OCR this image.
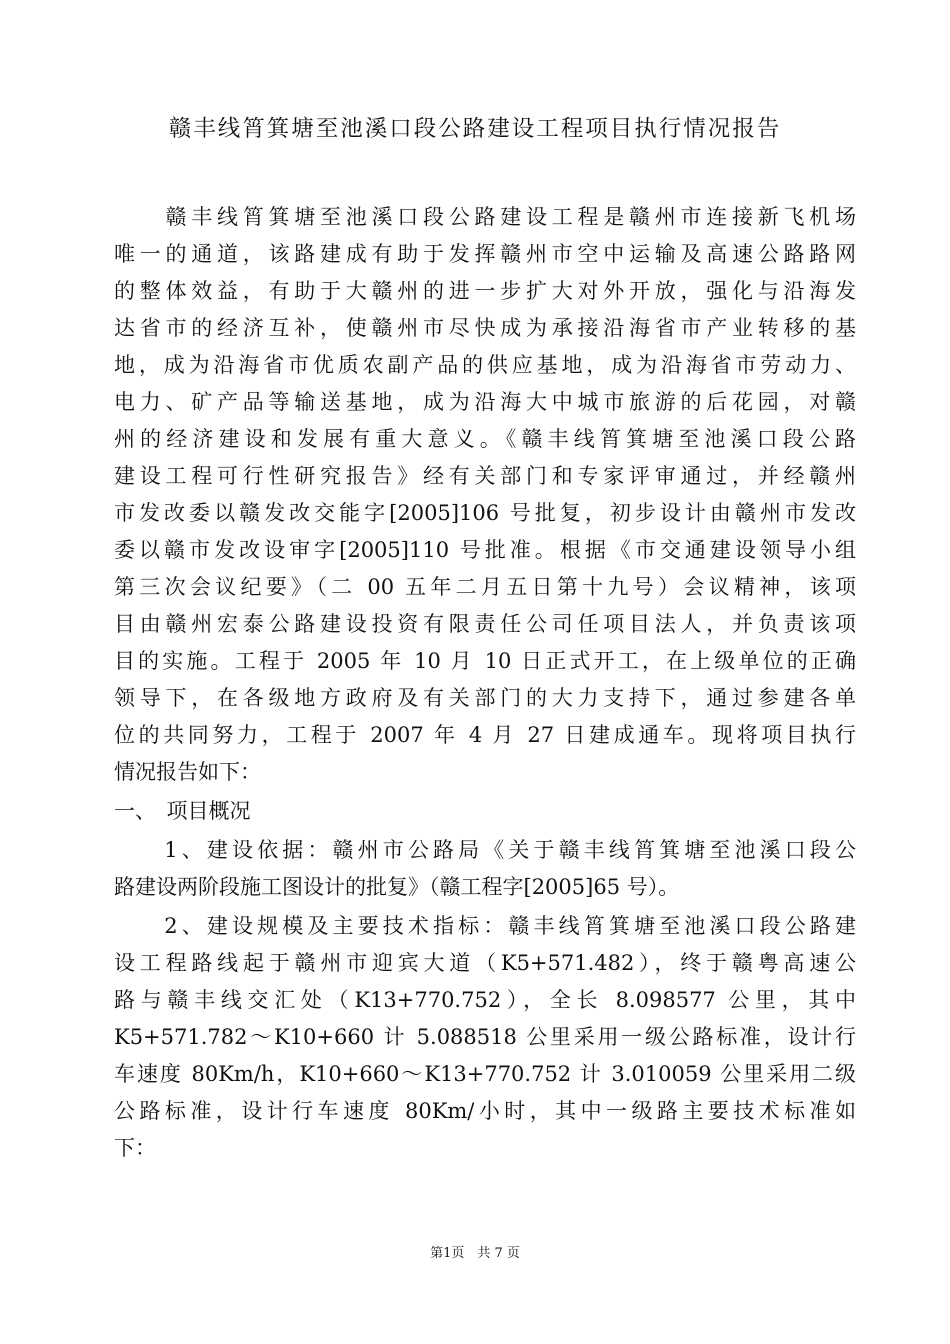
赣丰线筲箕塘至池溪口段公路建设工程项目执行情况报告
　　赣丰线筲箕塘至池溪口段公路建设工程是赣州市连接新飞机场
唯一的通道，该路建成有助于发挥赣州市空中运输及高速公路路网
的整体效益，有助于大赣州的进一步扩大对外开放，强化与沿海发
达省市的经济互补，使赣州市尽快成为承接沿海省市产业转移的基
地，成为沿海省市优质农副产品的供应基地，成为沿海省市劳动力、
电力、矿产品等输送基地，成为沿海大中城市旅游的后花园，对赣
州的经济建设和发展有重大意义。《赣丰线筲箕塘至池溪口段公路
建设工程可行性研究报告》经有关部门和专家评审通过，并经赣州
市发改委以赣发改交能字[2005]106 号批复，初步设计由赣州市发改
委以赣市发改设审字[2005]110 号批准。根据《市交通建设领导小组
第三次会议纪要》（二 00 五年二月五日第十九号）会议精神，该项
目由赣州宏泰公路建设投资有限责任公司任项目法人，并负责该项
目的实施。工程于 2005 年 10 月 10 日正式开工，在上级单位的正确
领导下，在各级地方政府及有关部门的大力支持下，通过参建各单
位的共同努力，工程于 2007 年 4 月 27 日建成通车。现将项目执行
情况报告如下：
一、　项目概况
　　1、建设依据：赣州市公路局《关于赣丰线筲箕塘至池溪口段公
路建设两阶段施工图设计的批复》（赣工程字[2005]65 号）。
　　2、建设规模及主要技术指标：赣丰线筲箕塘至池溪口段公路建
设工程路线起于赣州市迎宾大道（K5+571.482），终于赣粤高速公
路与赣丰线交汇处（K13+770.752），全长 8.098577 公里，其中
K5+571.782～K10+660 计 5.088518 公里采用一级公路标准，设计行
车速度 80Km/h，K10+660～K13+770.752 计 3.010059 公里采用二级
公路标准，设计行车速度 80Km/小时，其中一级路主要技术标准如
下：
第1页　共 7 页
